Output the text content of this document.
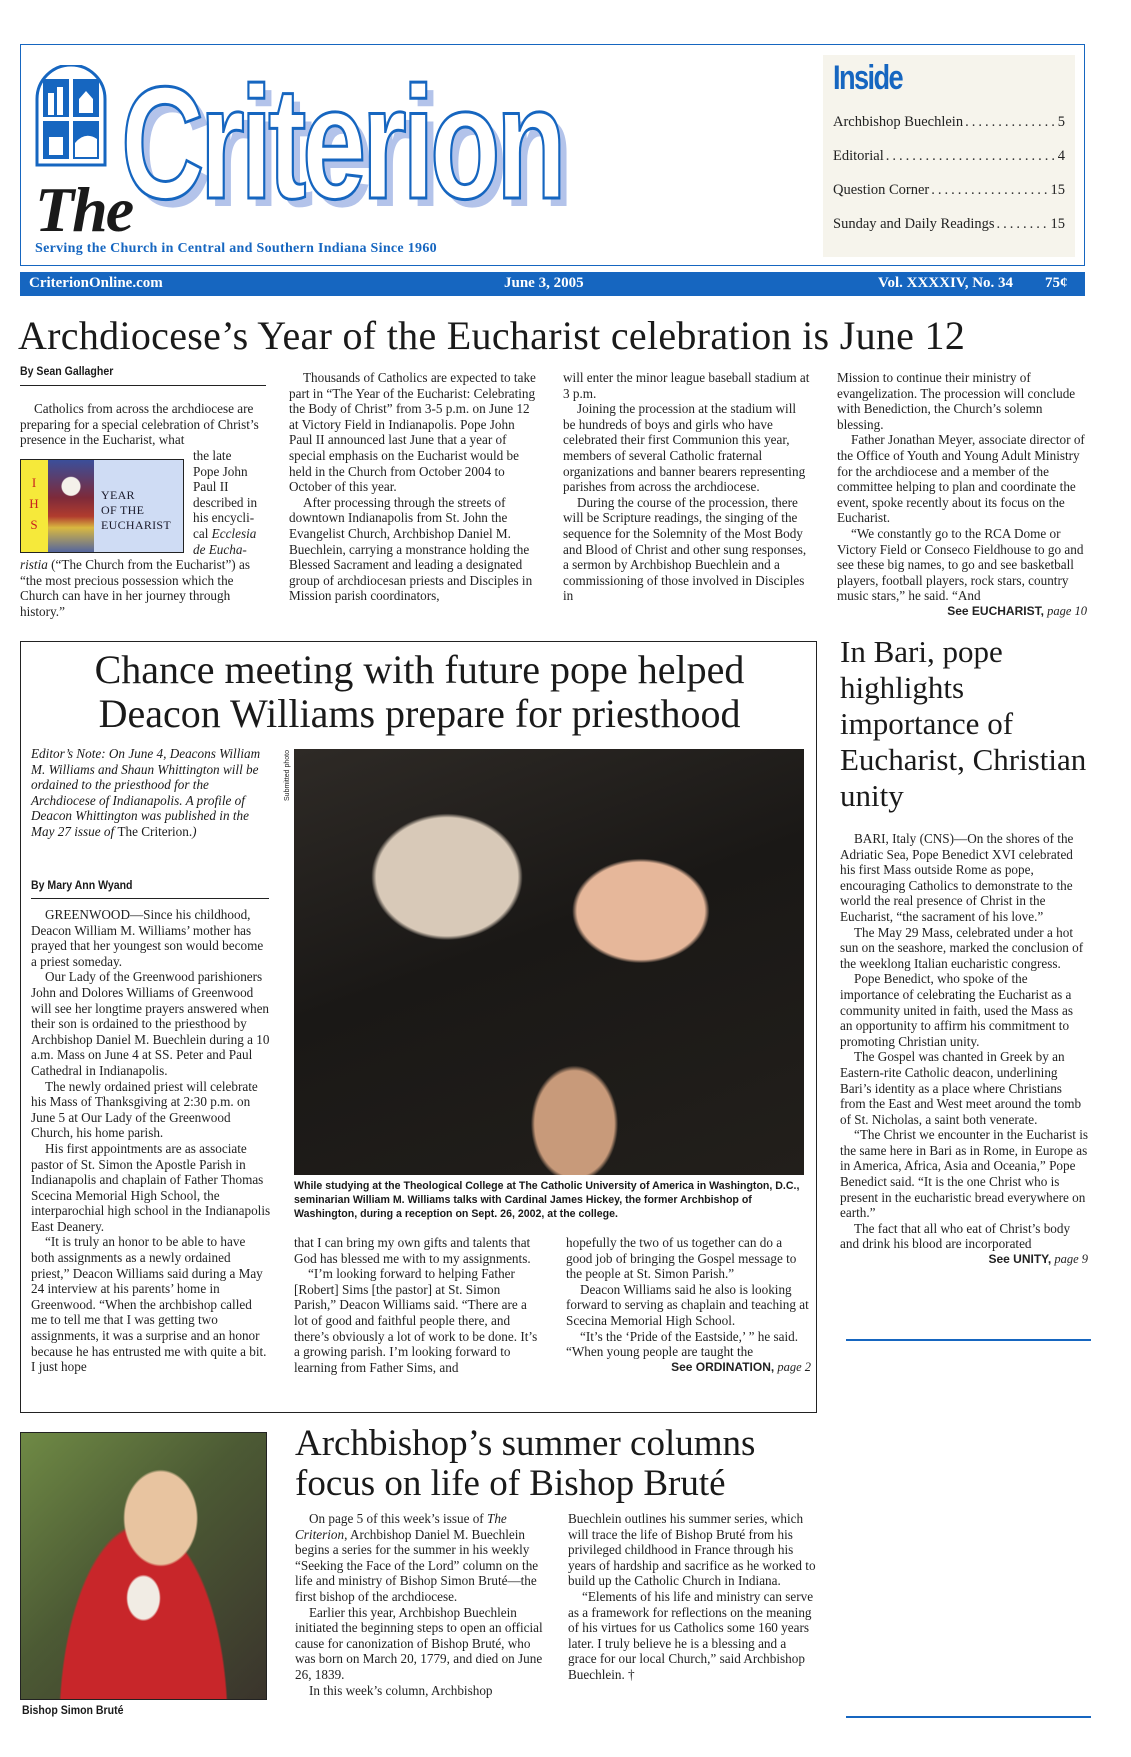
The
Criterion
Serving the Church in Central and Southern Indiana Since 1960
Inside
Archbishop Buechlein .....	5
Editorial .....	4
Question Corner .....	15
Sunday and Daily Readings .....	15
CriterionOnline.com	June 3, 2005	Vol. XXXXIV, No. 34 75¢
Archdiocese’s Year of the Eucharist celebration is June 12
By Sean Gallagher

Catholics from across the archdiocese are preparing for a special celebration of Christ’s presence in the Eucharist, what

I
H
S
YEAR
OF THE
EUCHARIST
the late
Pope John
Paul II
described in
his encycli-
cal Ecclesia
de Eucha-

ristia (“The Church from the Eucharist”) as “the most precious possession which the Church can have in her journey through history.”

Thousands of Catholics are expected to take part in “The Year of the Eucharist: Celebrating the Body of Christ” from 3-5 p.m. on June 12 at Victory Field in Indianapolis. Pope John Paul II announced last June that a year of special emphasis on the Eucharist would be held in the Church from October 2004 to October of this year.

After processing through the streets of downtown Indianapolis from St. John the Evangelist Church, Archbishop Daniel M. Buechlein, carrying a monstrance holding the Blessed Sacrament and leading a designated group of archdiocesan priests and Disciples in Mission parish coordinators,

will enter the minor league baseball stadium at 3 p.m.

Joining the procession at the stadium will be hundreds of boys and girls who have celebrated their first Communion this year, members of several Catholic fraternal organizations and banner bearers representing parishes from across the archdiocese.

During the course of the procession, there will be Scripture readings, the singing of the sequence for the Solemnity of the Most Body and Blood of Christ and other sung responses, a sermon by Archbishop Buechlein and a commissioning of those involved in Disciples in

Mission to continue their ministry of evangelization. The procession will conclude with Benediction, the Church’s solemn blessing.

Father Jonathan Meyer, associate director of the Office of Youth and Young Adult Ministry for the archdiocese and a member of the committee helping to plan and coordinate the event, spoke recently about its focus on the Eucharist.

“We constantly go to the RCA Dome or Victory Field or Conseco Fieldhouse to go and see these big names, to go and see basketball players, football players, rock stars, country music stars,” he said. “And

See EUCHARIST, page 10
Chance meeting with future pope helped
Deacon Williams prepare for priesthood
Editor’s Note: On June 4, Deacons William M. Williams and Shaun Whittington will be ordained to the priesthood for the Archdiocese of Indianapolis. A profile of Deacon Whittington was published in the May 27 issue of The Criterion.)
By Mary Ann Wyand

GREENWOOD—Since his childhood, Deacon William M. Williams’ mother has prayed that her youngest son would become a priest someday.

Our Lady of the Greenwood parishioners John and Dolores Williams of Greenwood will see her longtime prayers answered when their son is ordained to the priesthood by Archbishop Daniel M. Buechlein during a 10 a.m. Mass on June 4 at SS. Peter and Paul Cathedral in Indianapolis.

The newly ordained priest will celebrate his Mass of Thanksgiving at 2:30 p.m. on June 5 at Our Lady of the Greenwood Church, his home parish.

His first appointments are as associate pastor of St. Simon the Apostle Parish in Indianapolis and chaplain of Father Thomas Scecina Memorial High School, the interparochial high school in the Indianapolis East Deanery.

“It is truly an honor to be able to have both assignments as a newly ordained priest,” Deacon Williams said during a May 24 interview at his parents’ home in Greenwood. “When the archbishop called me to tell me that I was getting two assignments, it was a surprise and an honor because he has entrusted me with quite a bit. I just hope

Submitted photo
While studying at the Theological College at The Catholic University of America in Washington, D.C., seminarian William M. Williams talks with Cardinal James Hickey, the former Archbishop of Washington, during a reception on Sept. 26, 2002, at the college.

that I can bring my own gifts and talents that God has blessed me with to my assignments.

“I’m looking forward to helping Father [Robert] Sims [the pastor] at St. Simon Parish,” Deacon Williams said. “There are a lot of good and faithful people there, and there’s obviously a lot of work to be done. It’s a growing parish. I’m looking forward to learning from Father Sims, and

hopefully the two of us together can do a good job of bringing the Gospel message to the people at St. Simon Parish.”

Deacon Williams said he also is looking forward to serving as chaplain and teaching at Scecina Memorial High School.

“It’s the ‘Pride of the Eastside,’ ” he said. “When young people are taught the

See ORDINATION, page 2
In Bari, pope highlights importance of Eucharist, Christian unity

BARI, Italy (CNS)—On the shores of the Adriatic Sea, Pope Benedict XVI celebrated his first Mass outside Rome as pope, encouraging Catholics to demonstrate to the world the real presence of Christ in the Eucharist, “the sacrament of his love.”

The May 29 Mass, celebrated under a hot sun on the seashore, marked the conclusion of the weeklong Italian eucharistic congress.

Pope Benedict, who spoke of the importance of celebrating the Eucharist as a community united in faith, used the Mass as an opportunity to affirm his commitment to promoting Christian unity.

The Gospel was chanted in Greek by an Eastern-rite Catholic deacon, underlining Bari’s identity as a place where Christians from the East and West meet around the tomb of St. Nicholas, a saint both venerate.

“The Christ we encounter in the Eucharist is the same here in Bari as in Rome, in Europe as in America, Africa, Asia and Oceania,” Pope Benedict said. “It is the one Christ who is present in the eucharistic bread everywhere on earth.”

The fact that all who eat of Christ’s body and drink his blood are incorporated

See UNITY, page 9
Bishop Simon Bruté
Archbishop’s summer columns focus on life of Bishop Bruté

On page 5 of this week’s issue of The Criterion, Archbishop Daniel M. Buechlein begins a series for the summer in his weekly “Seeking the Face of the Lord” column on the life and ministry of Bishop Simon Bruté—the first bishop of the archdiocese.

Earlier this year, Archbishop Buechlein initiated the beginning steps to open an official cause for canonization of Bishop Bruté, who was born on March 20, 1779, and died on June 26, 1839.

In this week’s column, Archbishop

Buechlein outlines his summer series, which will trace the life of Bishop Bruté from his privileged childhood in France through his years of hardship and sacrifice as he worked to build up the Catholic Church in Indiana.

“Elements of his life and ministry can serve as a framework for reflections on the meaning of his virtues for us Catholics some 160 years later. I truly believe he is a blessing and a grace for our local Church,” said Archbishop Buechlein. †
